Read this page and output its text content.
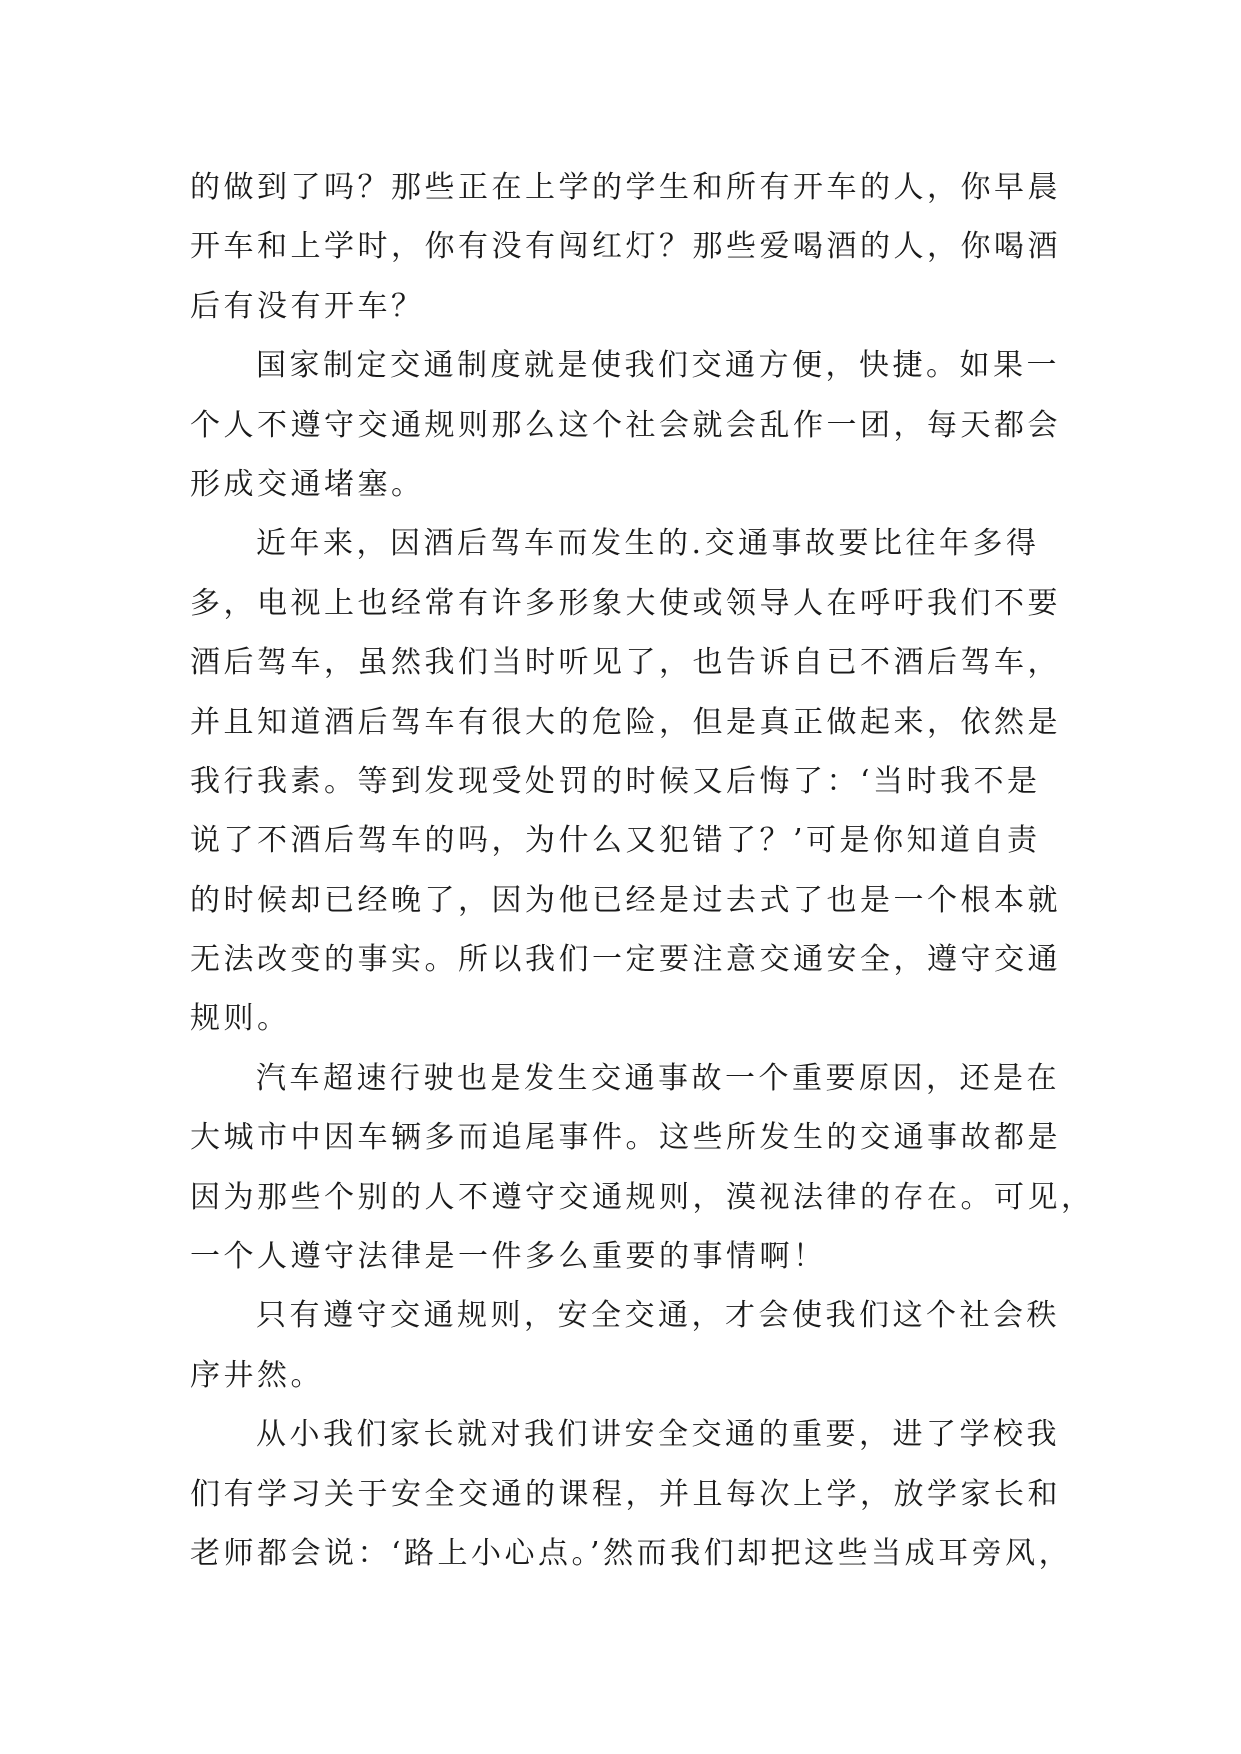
的做到了吗？那些正在上学的学生和所有开车的人，你早晨
开车和上学时，你有没有闯红灯？那些爱喝酒的人，你喝酒
后有没有开车？
国家制定交通制度就是使我们交通方便，快捷。如果一
个人不遵守交通规则那么这个社会就会乱作一团，每天都会
形成交通堵塞。
近年来，因酒后驾车而发生的.交通事故要比往年多得
多，电视上也经常有许多形象大使或领导人在呼吁我们不要
酒后驾车，虽然我们当时听见了，也告诉自已不酒后驾车，
并且知道酒后驾车有很大的危险，但是真正做起来，依然是
我行我素。等到发现受处罚的时候又后悔了：‘当时我不是
说了不酒后驾车的吗，为什么又犯错了？’可是你知道自责
的时候却已经晚了，因为他已经是过去式了也是一个根本就
无法改变的事实。所以我们一定要注意交通安全，遵守交通
规则。
汽车超速行驶也是发生交通事故一个重要原因，还是在
大城市中因车辆多而追尾事件。这些所发生的交通事故都是
因为那些个别的人不遵守交通规则，漠视法律的存在。可见，
一个人遵守法律是一件多么重要的事情啊！
只有遵守交通规则，安全交通，才会使我们这个社会秩
序井然。
从小我们家长就对我们讲安全交通的重要，进了学校我
们有学习关于安全交通的课程，并且每次上学，放学家长和
老师都会说：‘路上小心点。’然而我们却把这些当成耳旁风，
